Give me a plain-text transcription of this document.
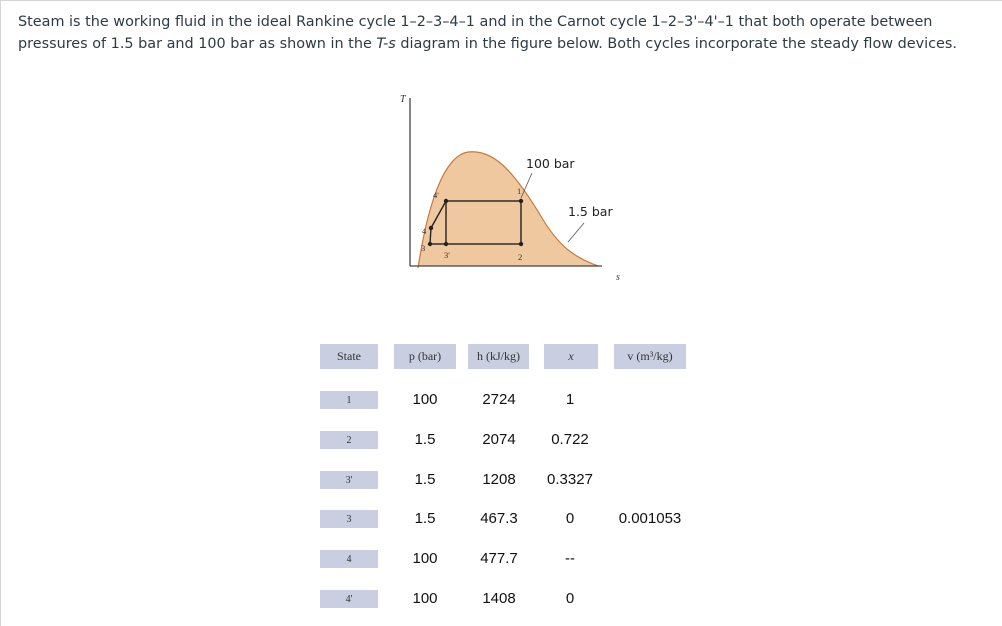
Steam is the working fluid in the ideal Rankine cycle 1–2–3–4–1 and in the Carnot cycle 1–2–3'–4'–1 that both operate between pressures of 1.5 bar and 100 bar as shown in the T-s diagram in the figure below. Both cycles incorporate the steady flow devices.

T
s
100 bar
1.5 bar
1
2
3
3'
4
4'
State	p (bar)	h (kJ/kg)	x	v (m³/kg)
1	100	2724	1
2	1.5	2074	0.722
3'	1.5	1208	0.3327
3	1.5	467.3	0	0.001053
4	100	477.7	--
4'	100	1408	0
